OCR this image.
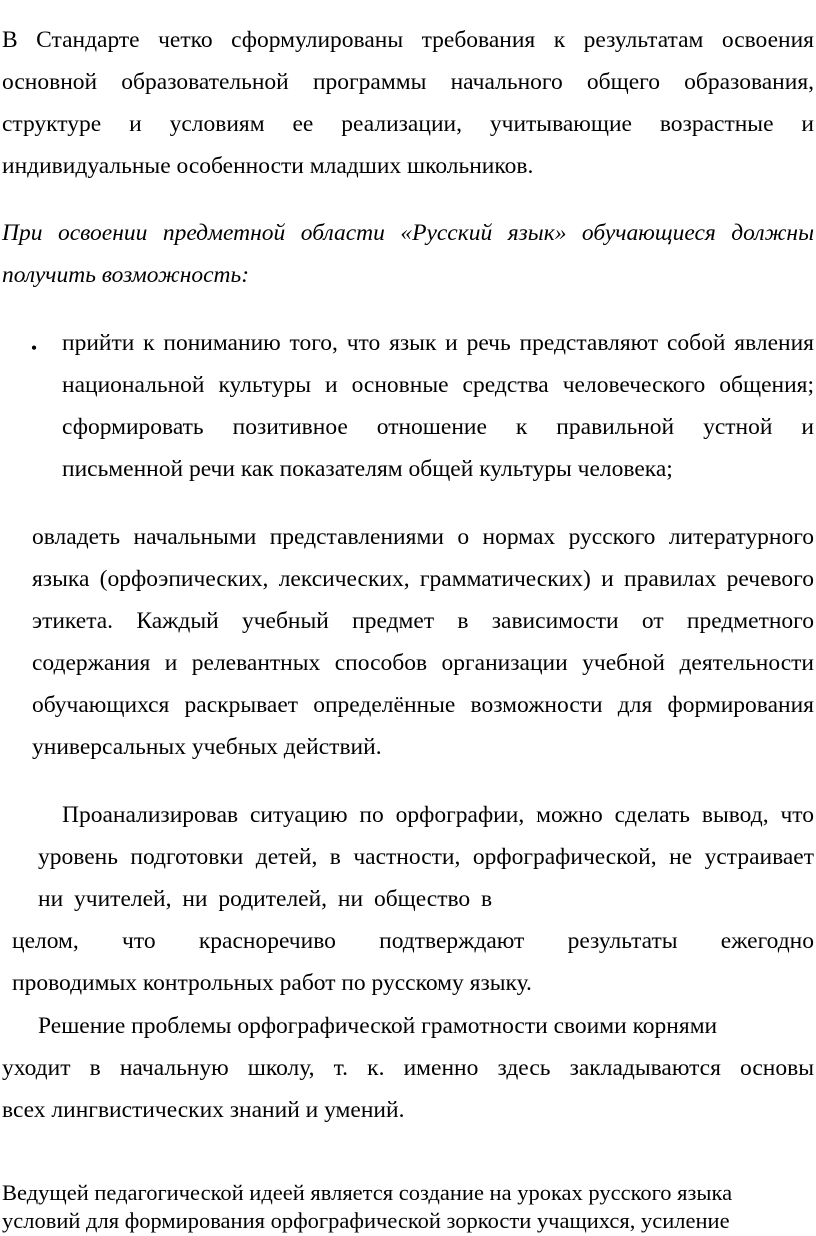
В Стандарте четко сформулированы требования к результатам освоения
основной образовательной программы начального общего образования,
структуре и условиям ее реализации, учитывающие возрастные и
индивидуальные особенности младших школьников.
При освоении предметной области «Русский язык» обучающиеся должны
получить возможность:
• прийти к пониманию того, что язык и речь представляют собой явления
национальной культуры и основные средства человеческого общения;
сформировать позитивное отношение к правильной устной и
письменной речи как показателям общей культуры человека;
овладеть начальными представлениями о нормах русского литературного
языка (орфоэпических, лексических, грамматических) и правилах речевого
этикета. Каждый учебный предмет в зависимости от предметного
содержания и релевантных способов организации учебной деятельности
обучающихся раскрывает определённые возможности для формирования
универсальных учебных действий.
Проанализировав ситуацию по орфографии, можно сделать вывод, что
уровень подготовки детей, в частности, орфографической, не устраивает
ни учителей, ни родителей, ни общество в
целом, что красноречиво подтверждают результаты ежегодно
проводимых контрольных работ по русскому языку.
Решение проблемы орфографической грамотности своими корнями
уходит в начальную школу, т. к. именно здесь закладываются основы
всех лингвистических знаний и умений.
Ведущей педагогической идеей является создание на уроках русского языка
условий для формирования орфографической зоркости учащихся, усиление
